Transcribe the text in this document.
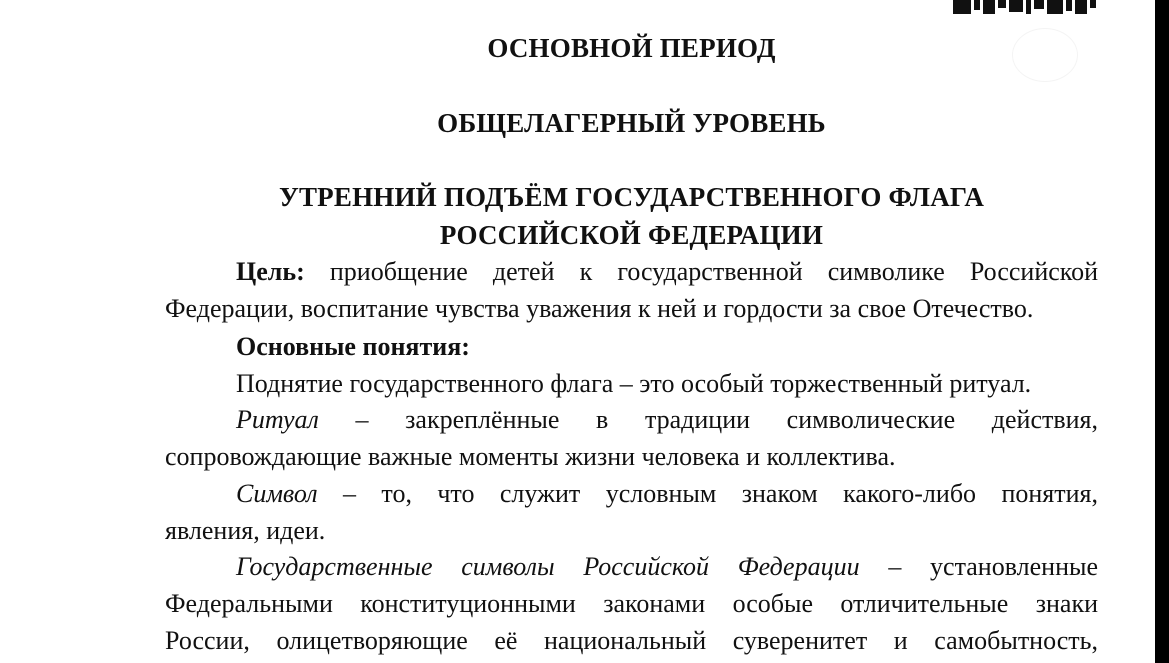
ОСНОВНОЙ ПЕРИОД
ОБЩЕЛАГЕРНЫЙ УРОВЕНЬ
УТРЕННИЙ ПОДЪЁМ ГОСУДАРСТВЕННОГО ФЛАГА
РОССИЙСКОЙ ФЕДЕРАЦИИ
Цель: приобщение детей к государственной символике Российской
Федерации, воспитание чувства уважения к ней и гордости за свое Отечество.
Основные понятия:
Поднятие государственного флага – это особый торжественный ритуал.
Ритуал – закреплённые в традиции символические действия,
сопровождающие важные моменты жизни человека и коллектива.
Символ – то, что служит условным знаком какого-либо понятия,
явления, идеи.
Государственные символы Российской Федерации – установленные
Федеральными конституционными законами особые отличительные знаки
России, олицетворяющие её национальный суверенитет и самобытность,
